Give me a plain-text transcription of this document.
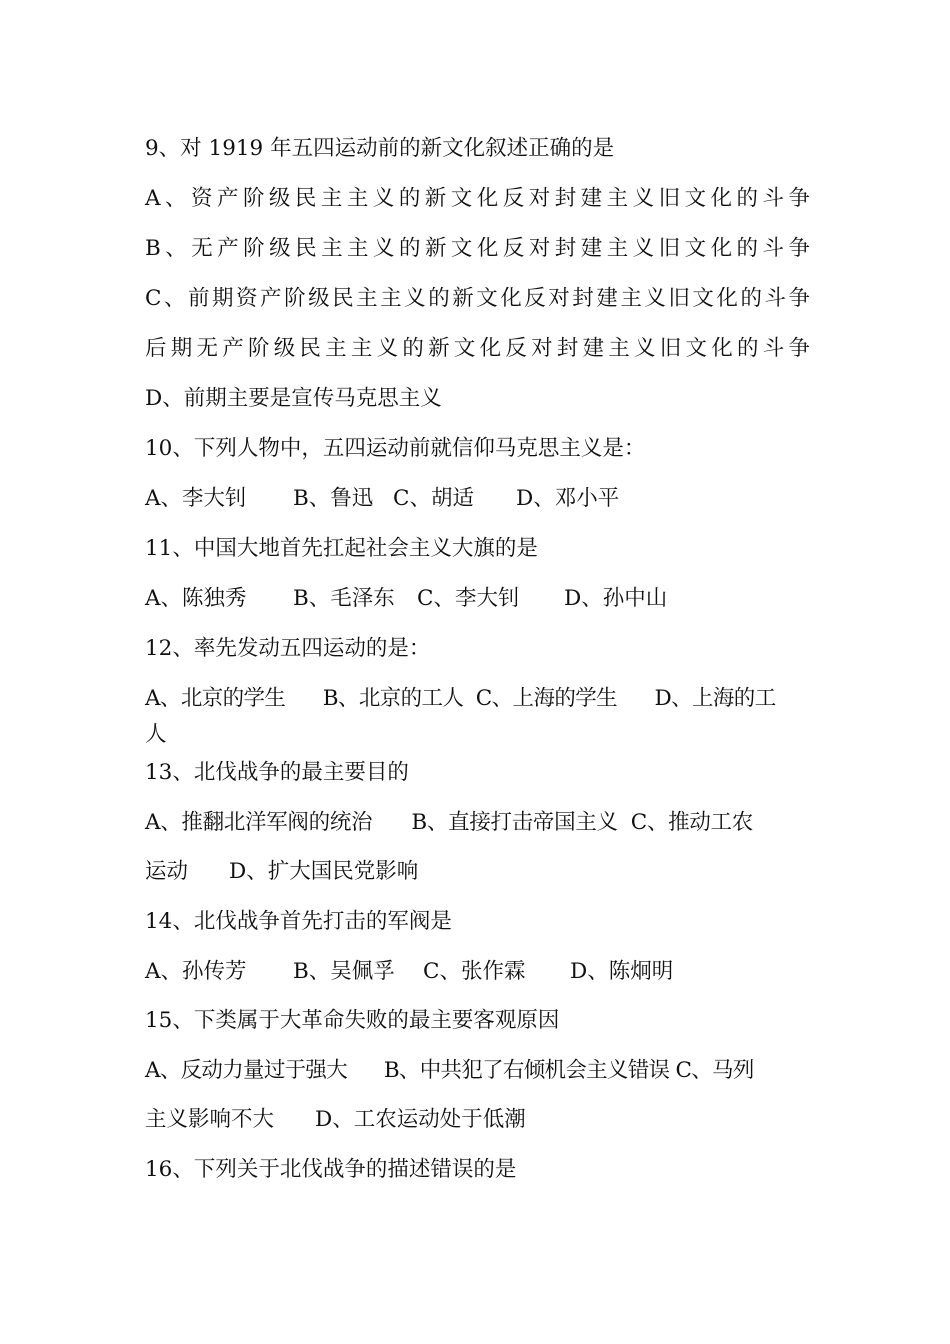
9、对 1919 年五四运动前的新文化叙述正确的是
A、资产阶级民主主义的新文化反对封建主义旧文化的斗争
B、无产阶级民主主义的新文化反对封建主义旧文化的斗争
C、前期资产阶级民主主义的新文化反对封建主义旧文化的斗争
后期无产阶级民主主义的新文化反对封建主义旧文化的斗争
D、前期主要是宣传马克思主义
10、下列人物中，五四运动前就信仰马克思主义是：
A、李大钊 B、鲁迅 C、胡适 D、邓小平
11、中国大地首先扛起社会主义大旗的是
A、陈独秀 B、毛泽东 C、李大钊 D、孙中山
12、率先发动五四运动的是：
A、北京的学生      B、北京的工人  C、上海的学生      D、上海的工
人
13、北伐战争的最主要目的
A、推翻北洋军阀的统治      B、直接打击帝国主义  C、推动工农
运动      D、扩大国民党影响
14、北伐战争首先打击的军阀是
A、孙传芳 B、吴佩孚 C、张作霖 D、陈炯明
15、下类属于大革命失败的最主要客观原因
A、反动力量过于强大      B、中共犯了右倾机会主义错误 C、马列
主义影响不大      D、工农运动处于低潮
16、下列关于北伐战争的描述错误的是
